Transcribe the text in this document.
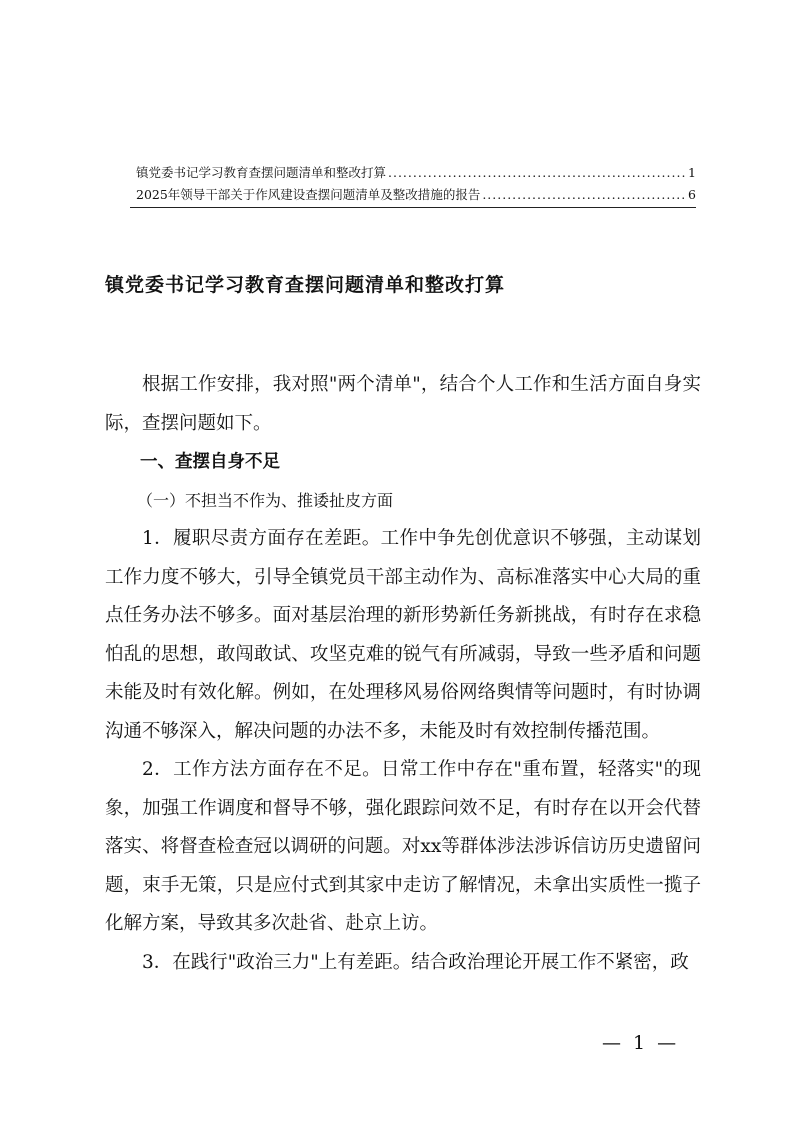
镇党委书记学习教育查摆问题清单和整改打算 .....	1
2025年领导干部关于作风建设查摆问题清单及整改措施的报告 .....	6
镇党委书记学习教育查摆问题清单和整改打算

根据工作安排，我对照"两个清单"，结合个人工作和生活方面自身实际，查摆问题如下。

一、查摆自身不足

（一）不担当不作为、推诿扯皮方面

1．履职尽责方面存在差距。工作中争先创优意识不够强，主动谋划工作力度不够大，引导全镇党员干部主动作为、高标准落实中心大局的重点任务办法不够多。面对基层治理的新形势新任务新挑战，有时存在求稳怕乱的思想，敢闯敢试、攻坚克难的锐气有所减弱，导致一些矛盾和问题未能及时有效化解。例如，在处理移风易俗网络舆情等问题时，有时协调沟通不够深入，解决问题的办法不多，未能及时有效控制传播范围。

2．工作方法方面存在不足。日常工作中存在"重布置，轻落实"的现象，加强工作调度和督导不够，强化跟踪问效不足，有时存在以开会代替落实、将督查检查冠以调研的问题。对xx等群体涉法涉诉信访历史遗留问题，束手无策，只是应付式到其家中走访了解情况，未拿出实质性一揽子化解方案，导致其多次赴省、赴京上访。

3．在践行"政治三力"上有差距。结合政治理论开展工作不紧密，政

— 1 —
